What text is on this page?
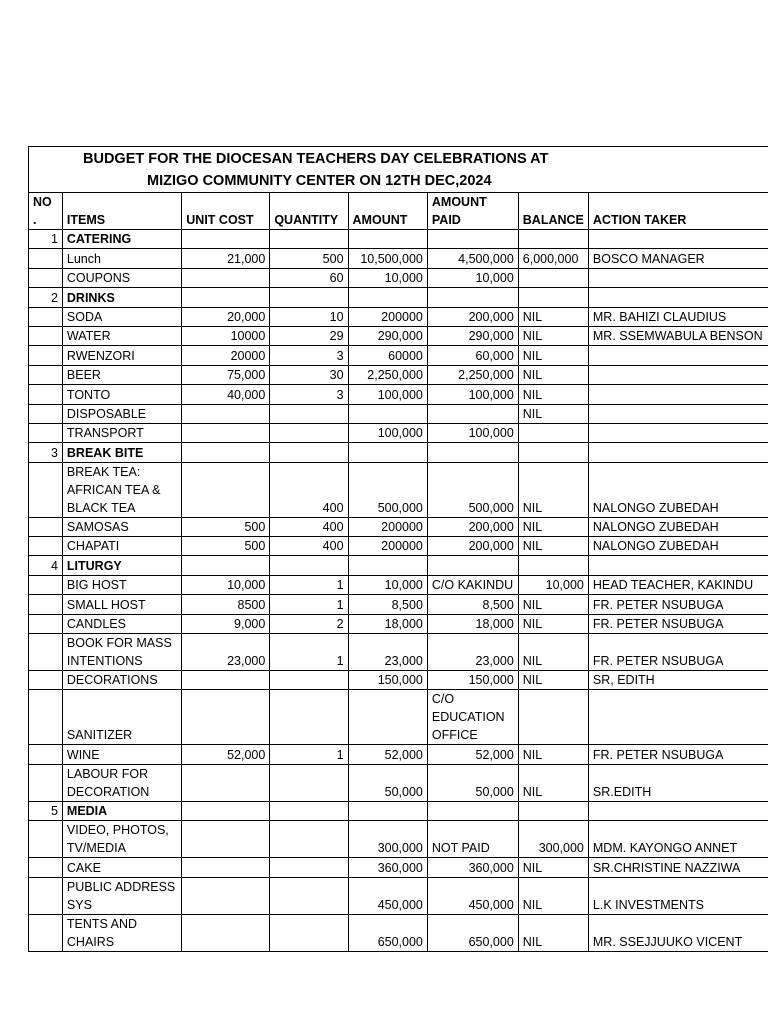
BUDGET FOR THE DIOCESAN TEACHERS DAY CELEBRATIONS AT
MIZIGO COMMUNITY CENTER ON 12TH DEC,2024							

NO .	ITEMS	UNIT COST	QUANTITY	AMOUNT	AMOUNT PAID	BALANCE	ACTION TAKER
1	CATERING						
	Lunch	21,000	500	10,500,000	4,500,000	6,000,000	BOSCO MANAGER
	COUPONS		60	10,000	10,000		
2	DRINKS						
	SODA	20,000	10	200000	200,000	NIL	MR. BAHIZI CLAUDIUS
	WATER	10000	29	290,000	290,000	NIL	MR. SSEMWABULA BENSON
	RWENZORI	20000	3	60000	60,000	NIL	
	BEER	75,000	30	2,250,000	2,250,000	NIL	
	TONTO	40,000	3	100,000	100,000	NIL	
	DISPOSABLE					NIL	
	TRANSPORT			100,000	100,000		
3	BREAK BITE						
	BREAK TEA: AFRICAN TEA & BLACK TEA		400	500,000	500,000	NIL	NALONGO ZUBEDAH
	SAMOSAS	500	400	200000	200,000	NIL	NALONGO ZUBEDAH
	CHAPATI	500	400	200000	200,000	NIL	NALONGO ZUBEDAH
4	LITURGY						
	BIG HOST	10,000	1	10,000	C/O KAKINDU	10,000	HEAD TEACHER, KAKINDU
	SMALL HOST	8500	1	8,500	8,500	NIL	FR. PETER NSUBUGA
	CANDLES	9,000	2	18,000	18,000	NIL	FR. PETER NSUBUGA
	BOOK FOR MASS INTENTIONS	23,000	1	23,000	23,000	NIL	FR. PETER NSUBUGA
	DECORATIONS			150,000	150,000	NIL	SR, EDITH
	SANITIZER				C/O EDUCATION OFFICE		
	WINE	52,000	1	52,000	52,000	NIL	FR. PETER NSUBUGA
	LABOUR FOR DECORATION			50,000	50,000	NIL	SR.EDITH
5	MEDIA						
	VIDEO, PHOTOS, TV/MEDIA			300,000	NOT PAID	300,000	MDM. KAYONGO ANNET
	CAKE			360,000	360,000	NIL	SR.CHRISTINE NAZZIWA
	PUBLIC ADDRESS SYS			450,000	450,000	NIL	L.K INVESTMENTS
	TENTS AND CHAIRS			650,000	650,000	NIL	MR. SSEJJUUKO VICENT
